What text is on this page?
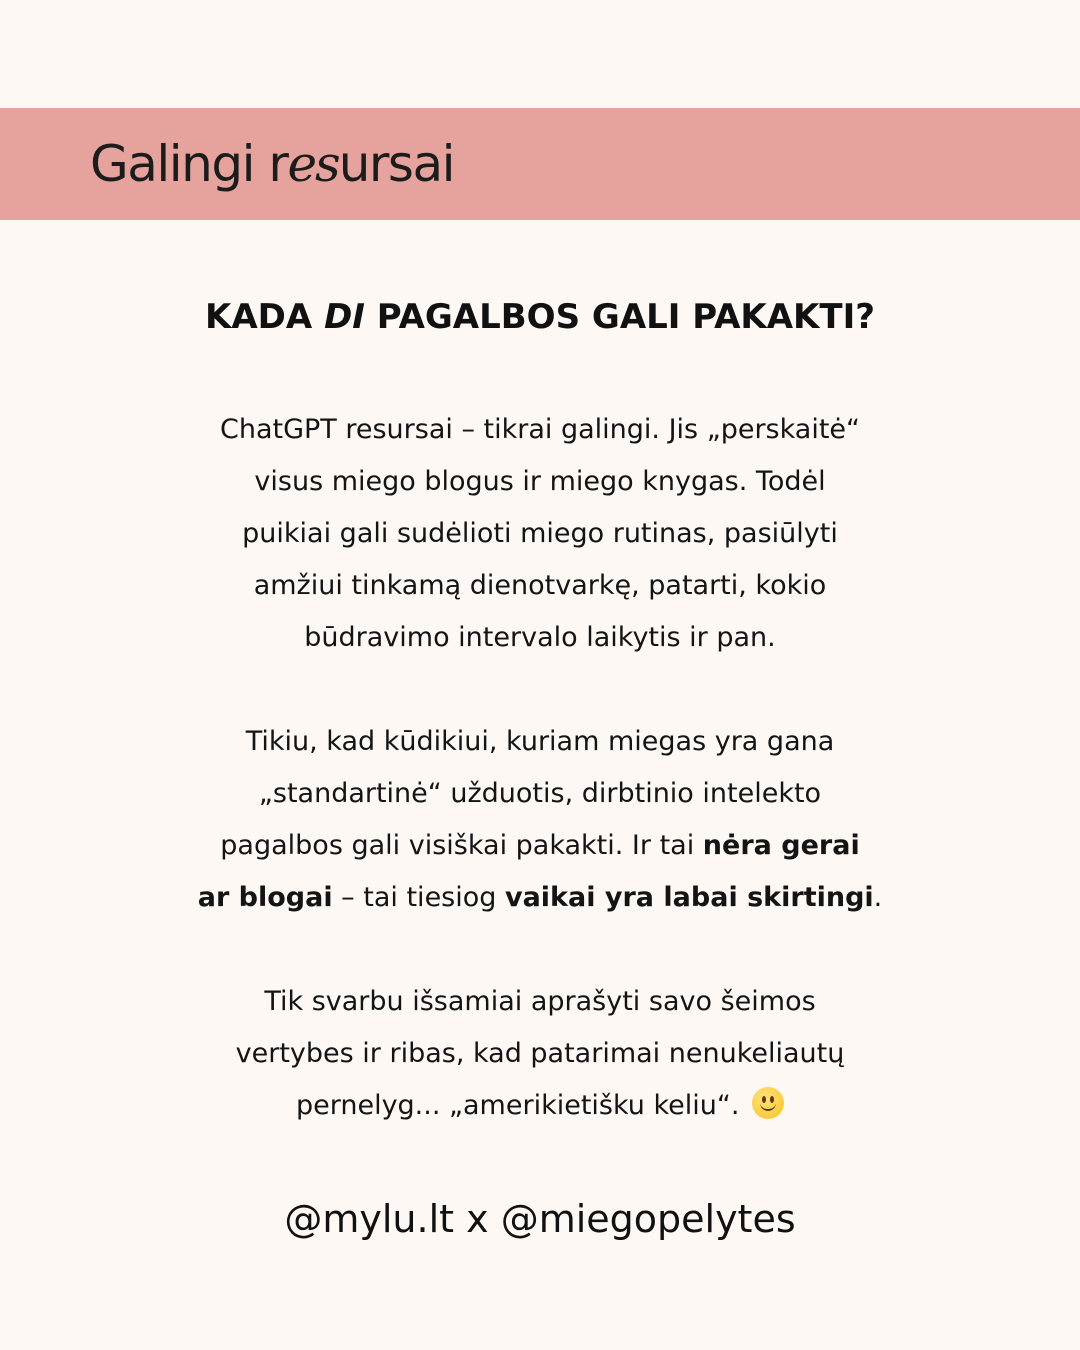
Galingi resursai
KADA DI PAGALBOS GALI PAKAKTI?

ChatGPT resursai – tikrai galingi. Jis „perskaitė“
visus miego blogus ir miego knygas. Todėl
puikiai gali sudėlioti miego rutinas, pasiūlyti
amžiui tinkamą dienotvarkę, patarti, kokio
būdravimo intervalo laikytis ir pan.

Tikiu, kad kūdikiui, kuriam miegas yra gana
„standartinė“ užduotis, dirbtinio intelekto
pagalbos gali visiškai pakakti. Ir tai nėra gerai
ar blogai – tai tiesiog vaikai yra labai skirtingi.

Tik svarbu išsamiai aprašyti savo šeimos
vertybes ir ribas, kad patarimai nenukeliautų
pernelyg... „amerikietišku keliu“.

@mylu.lt x @miegopelytes
